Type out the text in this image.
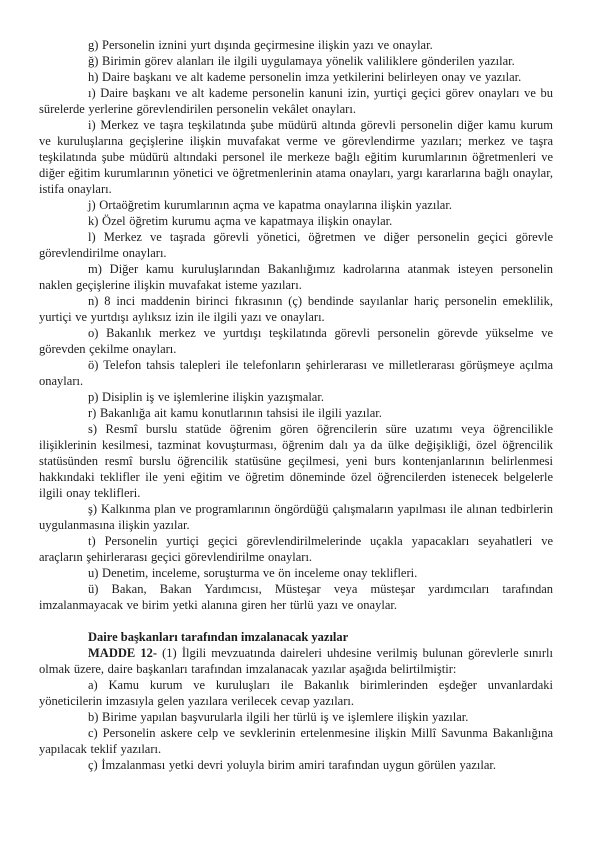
g) Personelin iznini yurt dışında geçirmesine ilişkin yazı ve onaylar.

ğ) Birimin görev alanları ile ilgili uygulamaya yönelik valiliklere gönderilen yazılar.

h) Daire başkanı ve alt kademe personelin imza yetkilerini belirleyen onay ve yazılar.

ı) Daire başkanı ve alt kademe personelin kanuni izin, yurtiçi geçici görev onayları ve bu sürelerde yerlerine görevlendirilen personelin vekâlet onayları.

i) Merkez ve taşra teşkilatında şube müdürü altında görevli personelin diğer kamu kurum ve kuruluşlarına geçişlerine ilişkin muvafakat verme ve görevlendirme yazıları; merkez ve taşra teşkilatında şube müdürü altındaki personel ile merkeze bağlı eğitim kurumlarının öğretmenleri ve diğer eğitim kurumlarının yönetici ve öğretmenlerinin atama onayları, yargı kararlarına bağlı onaylar, istifa onayları.

j) Ortaöğretim kurumlarının açma ve kapatma onaylarına ilişkin yazılar.

k) Özel öğretim kurumu açma ve kapatmaya ilişkin onaylar.

l) Merkez ve taşrada görevli yönetici, öğretmen ve diğer personelin geçici görevle görevlendirilme onayları.

m) Diğer kamu kuruluşlarından Bakanlığımız kadrolarına atanmak isteyen personelin naklen geçişlerine ilişkin muvafakat isteme yazıları.

n) 8 inci maddenin birinci fıkrasının (ç) bendinde sayılanlar hariç personelin emeklilik, yurtiçi ve yurtdışı aylıksız izin ile ilgili yazı ve onayları.

o) Bakanlık merkez ve yurtdışı teşkilatında görevli personelin görevde yükselme ve görevden çekilme onayları.

ö) Telefon tahsis talepleri ile telefonların şehirlerarası ve milletlerarası görüşmeye açılma onayları.

p) Disiplin iş ve işlemlerine ilişkin yazışmalar.

r) Bakanlığa ait kamu konutlarının tahsisi ile ilgili yazılar.

s) Resmî burslu statüde öğrenim gören öğrencilerin süre uzatımı veya öğrencilikle ilişiklerinin kesilmesi, tazminat kovuşturması, öğrenim dalı ya da ülke değişikliği, özel öğrencilik statüsünden resmî burslu öğrencilik statüsüne geçilmesi, yeni burs kontenjanlarının belirlenmesi hakkındaki teklifler ile yeni eğitim ve öğretim döneminde özel öğrencilerden istenecek belgelerle ilgili onay teklifleri.

ş) Kalkınma plan ve programlarının öngördüğü çalışmaların yapılması ile alınan tedbirlerin uygulanmasına ilişkin yazılar.

t) Personelin yurtiçi geçici görevlendirilmelerinde uçakla yapacakları seyahatleri ve araçların şehirlerarası geçici görevlendirilme onayları.

u) Denetim, inceleme, soruşturma ve ön inceleme onay teklifleri.

ü) Bakan, Bakan Yardımcısı, Müsteşar veya müsteşar yardımcıları tarafından imzalanmayacak ve birim yetki alanına giren her türlü yazı ve onaylar.

Daire başkanları tarafından imzalanacak yazılar

MADDE 12- (1) İlgili mevzuatında daireleri uhdesine verilmiş bulunan görevlerle sınırlı olmak üzere, daire başkanları tarafından imzalanacak yazılar aşağıda belirtilmiştir:

a) Kamu kurum ve kuruluşları ile Bakanlık birimlerinden eşdeğer unvanlardaki yöneticilerin imzasıyla gelen yazılara verilecek cevap yazıları.

b) Birime yapılan başvurularla ilgili her türlü iş ve işlemlere ilişkin yazılar.

c) Personelin askere celp ve sevklerinin ertelenmesine ilişkin Millî Savunma Bakanlığına yapılacak teklif yazıları.

ç) İmzalanması yetki devri yoluyla birim amiri tarafından uygun görülen yazılar.
